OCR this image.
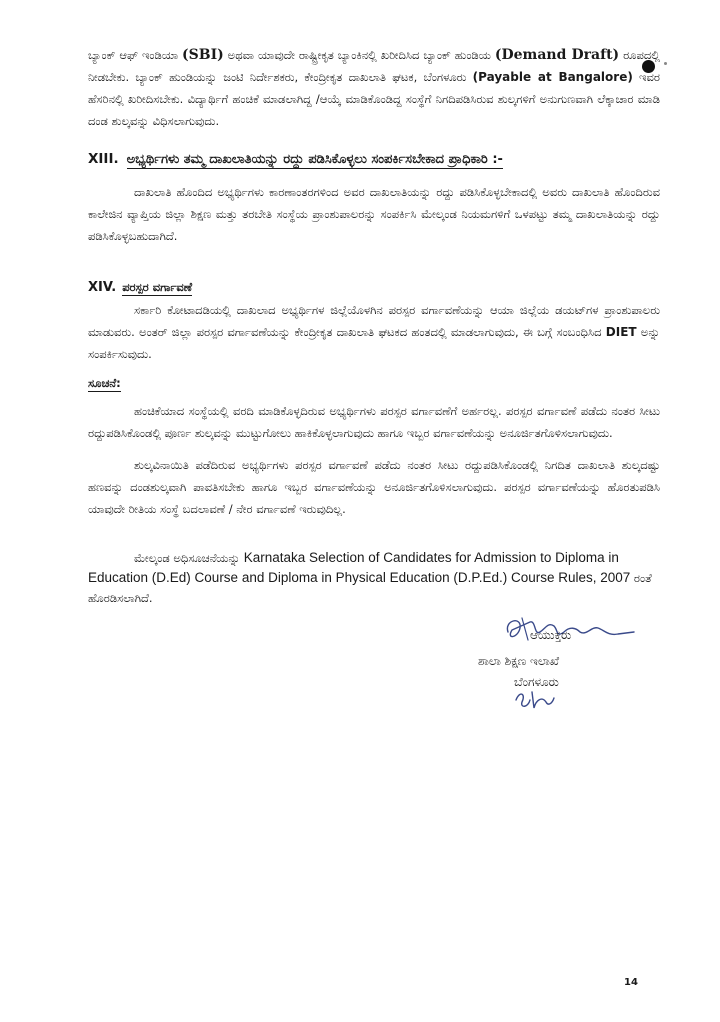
ಬ್ಯಾಂಕ್ ಆಫ್ ಇಂಡಿಯಾ (SBI) ಅಥವಾ ಯಾವುದೇ ರಾಷ್ಟ್ರೀಕೃತ ಬ್ಯಾಂಕಿನಲ್ಲಿ ಖರೀದಿಸಿದ ಬ್ಯಾಂಕ್ ಹುಂಡಿಯ (Demand Draft) ರೂಪದಲ್ಲಿ ನೀಡಬೇಕು. ಬ್ಯಾಂಕ್ ಹುಂಡಿಯನ್ನು ಜಂಟಿ ನಿರ್ದೇಶಕರು, ಕೇಂದ್ರೀಕೃತ ದಾಖಲಾತಿ ಘಟಕ, ಬೆಂಗಳೂರು (Payable at Bangalore) ಇವರ ಹೆಸರಿನಲ್ಲಿ ಖರೀದಿಸಬೇಕು. ವಿದ್ಯಾರ್ಥಿಗೆ ಹಂಚಿಕೆ ಮಾಡಲಾಗಿದ್ದ /ಆಯ್ಕೆ ಮಾಡಿಕೊಂಡಿದ್ದ ಸಂಸ್ಥೆಗೆ ನಿಗದಿಪಡಿಸಿರುವ ಶುಲ್ಕಗಳಿಗೆ ಅನುಗುಣವಾಗಿ ಲೆಕ್ಕಾಚಾರ ಮಾಡಿ ದಂಡ ಶುಲ್ಕವನ್ನು ವಿಧಿಸಲಾಗುವುದು.

XIII. ಅಭ್ಯರ್ಥಿಗಳು ತಮ್ಮ ದಾಖಲಾತಿಯನ್ನು ರದ್ದು ಪಡಿಸಿಕೊಳ್ಳಲು ಸಂಪರ್ಕಿಸಬೇಕಾದ ಪ್ರಾಧಿಕಾರಿ :-

ದಾಖಲಾತಿ ಹೊಂದಿದ ಅಭ್ಯರ್ಥಿಗಳು ಕಾರಣಾಂತರಗಳಿಂದ ಅವರ ದಾಖಲಾತಿಯನ್ನು ರದ್ದು ಪಡಿಸಿಕೊಳ್ಳಬೇಕಾದಲ್ಲಿ ಅವರು ದಾಖಲಾತಿ ಹೊಂದಿರುವ ಕಾಲೇಜಿನ ವ್ಯಾಪ್ತಿಯ ಜಿಲ್ಲಾ ಶಿಕ್ಷಣ ಮತ್ತು ತರಬೇತಿ ಸಂಸ್ಥೆಯ ಪ್ರಾಂಶುಪಾಲರನ್ನು ಸಂಪರ್ಕಿಸಿ ಮೇಲ್ಕಂಡ ನಿಯಮಗಳಿಗೆ ಒಳಪಟ್ಟು ತಮ್ಮ ದಾಖಲಾತಿಯನ್ನು ರದ್ದು ಪಡಿಸಿಕೊಳ್ಳಬಹುದಾಗಿದೆ.

XIV. ಪರಸ್ಪರ ವರ್ಗಾವಣೆ

ಸರ್ಕಾರಿ ಕೋಟಾದಡಿಯಲ್ಲಿ ದಾಖಲಾದ ಅಭ್ಯರ್ಥಿಗಳ ಜಿಲ್ಲೆಯೊಳಗಿನ ಪರಸ್ಪರ ವರ್ಗಾವಣೆಯನ್ನು ಆಯಾ ಜಿಲ್ಲೆಯ ಡಯಟ್‌ಗಳ ಪ್ರಾಂಶುಪಾಲರು ಮಾಡುವರು. ಅಂತರ್ ಜಿಲ್ಲಾ ಪರಸ್ಪರ ವರ್ಗಾವಣೆಯನ್ನು ಕೇಂದ್ರೀಕೃತ ದಾಖಲಾತಿ ಘಟಕದ ಹಂತದಲ್ಲಿ ಮಾಡಲಾಗುವುದು, ಈ ಬಗ್ಗೆ ಸಂಬಂಧಿಸಿದ DIET ಅನ್ನು ಸಂಪರ್ಕಿಸುವುದು.

ಸೂಚನೆ:

ಹಂಚಿಕೆಯಾದ ಸಂಸ್ಥೆಯಲ್ಲಿ ವರದಿ ಮಾಡಿಕೊಳ್ಳದಿರುವ ಅಭ್ಯರ್ಥಿಗಳು ಪರಸ್ಪರ ವರ್ಗಾವಣೆಗೆ ಅರ್ಹರಲ್ಲ. ಪರಸ್ಪರ ವರ್ಗಾವಣೆ ಪಡೆದು ನಂತರ ಸೀಟು ರದ್ದುಪಡಿಸಿಕೊಂಡಲ್ಲಿ ಪೂರ್ಣ ಶುಲ್ಕವನ್ನು ಮುಟ್ಟುಗೋಲು ಹಾಕಿಕೊಳ್ಳಲಾಗುವುದು ಹಾಗೂ ಇಬ್ಬರ ವರ್ಗಾವಣೆಯನ್ನು ಅನೂರ್ಜಿತಗೊಳಿಸಲಾಗುವುದು.

ಶುಲ್ಕವಿನಾಯಿತಿ ಪಡೆದಿರುವ ಅಭ್ಯರ್ಥಿಗಳು ಪರಸ್ಪರ ವರ್ಗಾವಣೆ ಪಡೆದು ನಂತರ ಸೀಟು ರದ್ದುಪಡಿಸಿಕೊಂಡಲ್ಲಿ ನಿಗದಿತ ದಾಖಲಾತಿ ಶುಲ್ಕದಷ್ಟು ಹಣವನ್ನು ದಂಡಶುಲ್ಕವಾಗಿ ಪಾವತಿಸಬೇಕು ಹಾಗೂ ಇಬ್ಬರ ವರ್ಗಾವಣೆಯನ್ನು ಅನೂರ್ಜಿತಗೊಳಿಸಲಾಗುವುದು. ಪರಸ್ಪರ ವರ್ಗಾವಣೆಯನ್ನು ಹೊರತುಪಡಿಸಿ ಯಾವುದೇ ರೀತಿಯ ಸಂಸ್ಥೆ ಬದಲಾವಣೆ / ನೇರ ವರ್ಗಾವಣೆ ಇರುವುದಿಲ್ಲ.

ಮೇಲ್ಕಂಡ ಅಧಿಸೂಚನೆಯನ್ನು Karnataka Selection of Candidates for Admission to Diploma in Education (D.Ed) Course and Diploma in Physical Education (D.P.Ed.) Course Rules, 2007 ರಂತೆ ಹೊರಡಿಸಲಾಗಿದೆ.

ಆಯುಕ್ತರು
ಶಾಲಾ ಶಿಕ್ಷಣ ಇಲಾಖೆ
ಬೆಂಗಳೂರು
14
